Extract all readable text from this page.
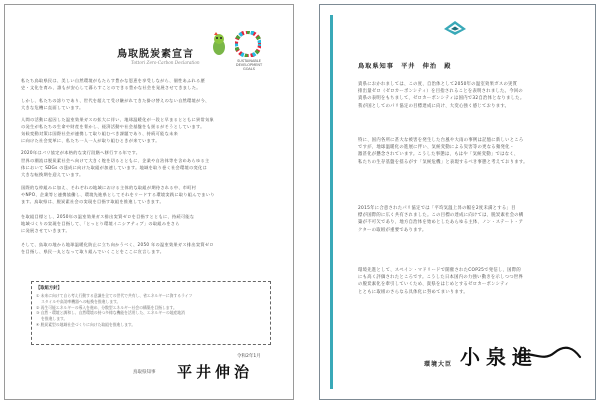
鳥取脱炭素宣言
Tottori Zero-Carbon Declaration	SUSTAINABLE DEVELOPMENT GOALS
私たち鳥取県民は、美しい自然環境がもたらす豊かな恩恵を享受しながら、個性あふれる歴
史・文化を育み、誰もが安心して暮らすことのできる豊かな社会を発展させてきました。
しかし、私たちの誇りであり、世代を超えて受け継がれてきた掛け替えのない自然環境が今、
大きな危機に直面しています。
人間の活動に起因した温室効果ガスの拡大に伴い、地球温暖化が一段と早まるとともに異常気象
の発生が私たちの生命や財産を脅かし、経済活動や社会基盤をも揺るがそうとしています。
気候変動対策は国際社会が連携して取り組むべき課題であり、持続可能な未来
に向けた社会変革に、私たち一人一人が取り組むときが来ています。
2020年はパリ協定が本格的な実行段階へ移行する年です。
世界の潮流は脱炭素社会へ向けて大きく舵を切るとともに、企業や自治体等を含めあらゆる主
体において SDGs の達成に向けた取組が加速しています。地域を取り巻く社会環境の変化は
大きな転換期を迎えています。
国際的な枠組みに加え、それぞれの地域における主体的な取組が期待される中、市町村
やNPO、企業等と連携協働し、環境先進県としてそれをリードする環境実践に取り組んでまいり
ます。鳥取県は、脱炭素社会の実現を目指す取組を推進していきます。
を取組目標とし、2050年の温室効果ガス排出実質ゼロを目指すとともに、持続可能な
地域づくりの実現を目指して、「とっとり環境イニシアティブ」の取組みをさら
に発展させていきます。
そして、鳥取の地から地球温暖化防止に立ち向かうべく、2050 年の温室効果ガス排出実質ゼロ
を目指し、県民一丸となって取り組んでいくことをここに宣言します。
【取組方針】
① 未来に向けて自ら考え行動する意識を全ての世代で共有し、省エネルギーに資するライフ
　 スタイルや高効率機器への転換を推進します。
② 再生可能エネルギーの導入を進め、分散型エネルギー社会の構築を目指します。
③ 自然・環境と調和し、自然環境の持つ多様な機能を活用した、エネルギーの地産地消
　 を推進します。
④ 脱炭素型の地域社会づくりに向けた取組を推進します。
令和2年1月
鳥取県知事 平井伸治
鳥取県知事　平井　伸治　殿
貴県におかれましては、この度、自治体として2050年の温室効果ガスの実質
排出量ゼロ（ゼロカーボンシティ）を目指されることを表明されました。今回の
貴県の表明をもちまして、ゼロカーボンシティは国内で32自治体となりました。
我が国としてのパリ協定の目標達成に向け、大変心強く感じております。
特に、国内各所に甚大な被害を発生した台風や大雨の事例は記憶に新しいところ
ですが、地球温暖化の進展に伴い、気候変動による災害等の更なる頻発化・
激甚化が懸念されています。こうした事態は、もはや「気候変動」ではなく、
私たちの生存基盤を揺るがす「気候危機」と表現するべき事態と考えております。
2015年に合意されたパリ協定では「平均気温上昇の幅を2度未満とする」目
標が国際的に広く共有されました。この目標の達成に向けては、脱炭素社会の構
築が不可欠であり、地方自治体を始めとしたあらゆる主体、ノン・ステート・ア
クターの取組が重要であります。
環境先進として、スペイン・マドリードで開催されたCOP25で発信し、国際的
にも高く評価されたところです。こうした日本国内の力強い動きを示しつつ世界
の脱炭素化を牽引していくため、貴県をはじめとするゼロカーボンシティ
とともに取組のさらなる具体化に努めてまいります。
環境大臣 小泉進
